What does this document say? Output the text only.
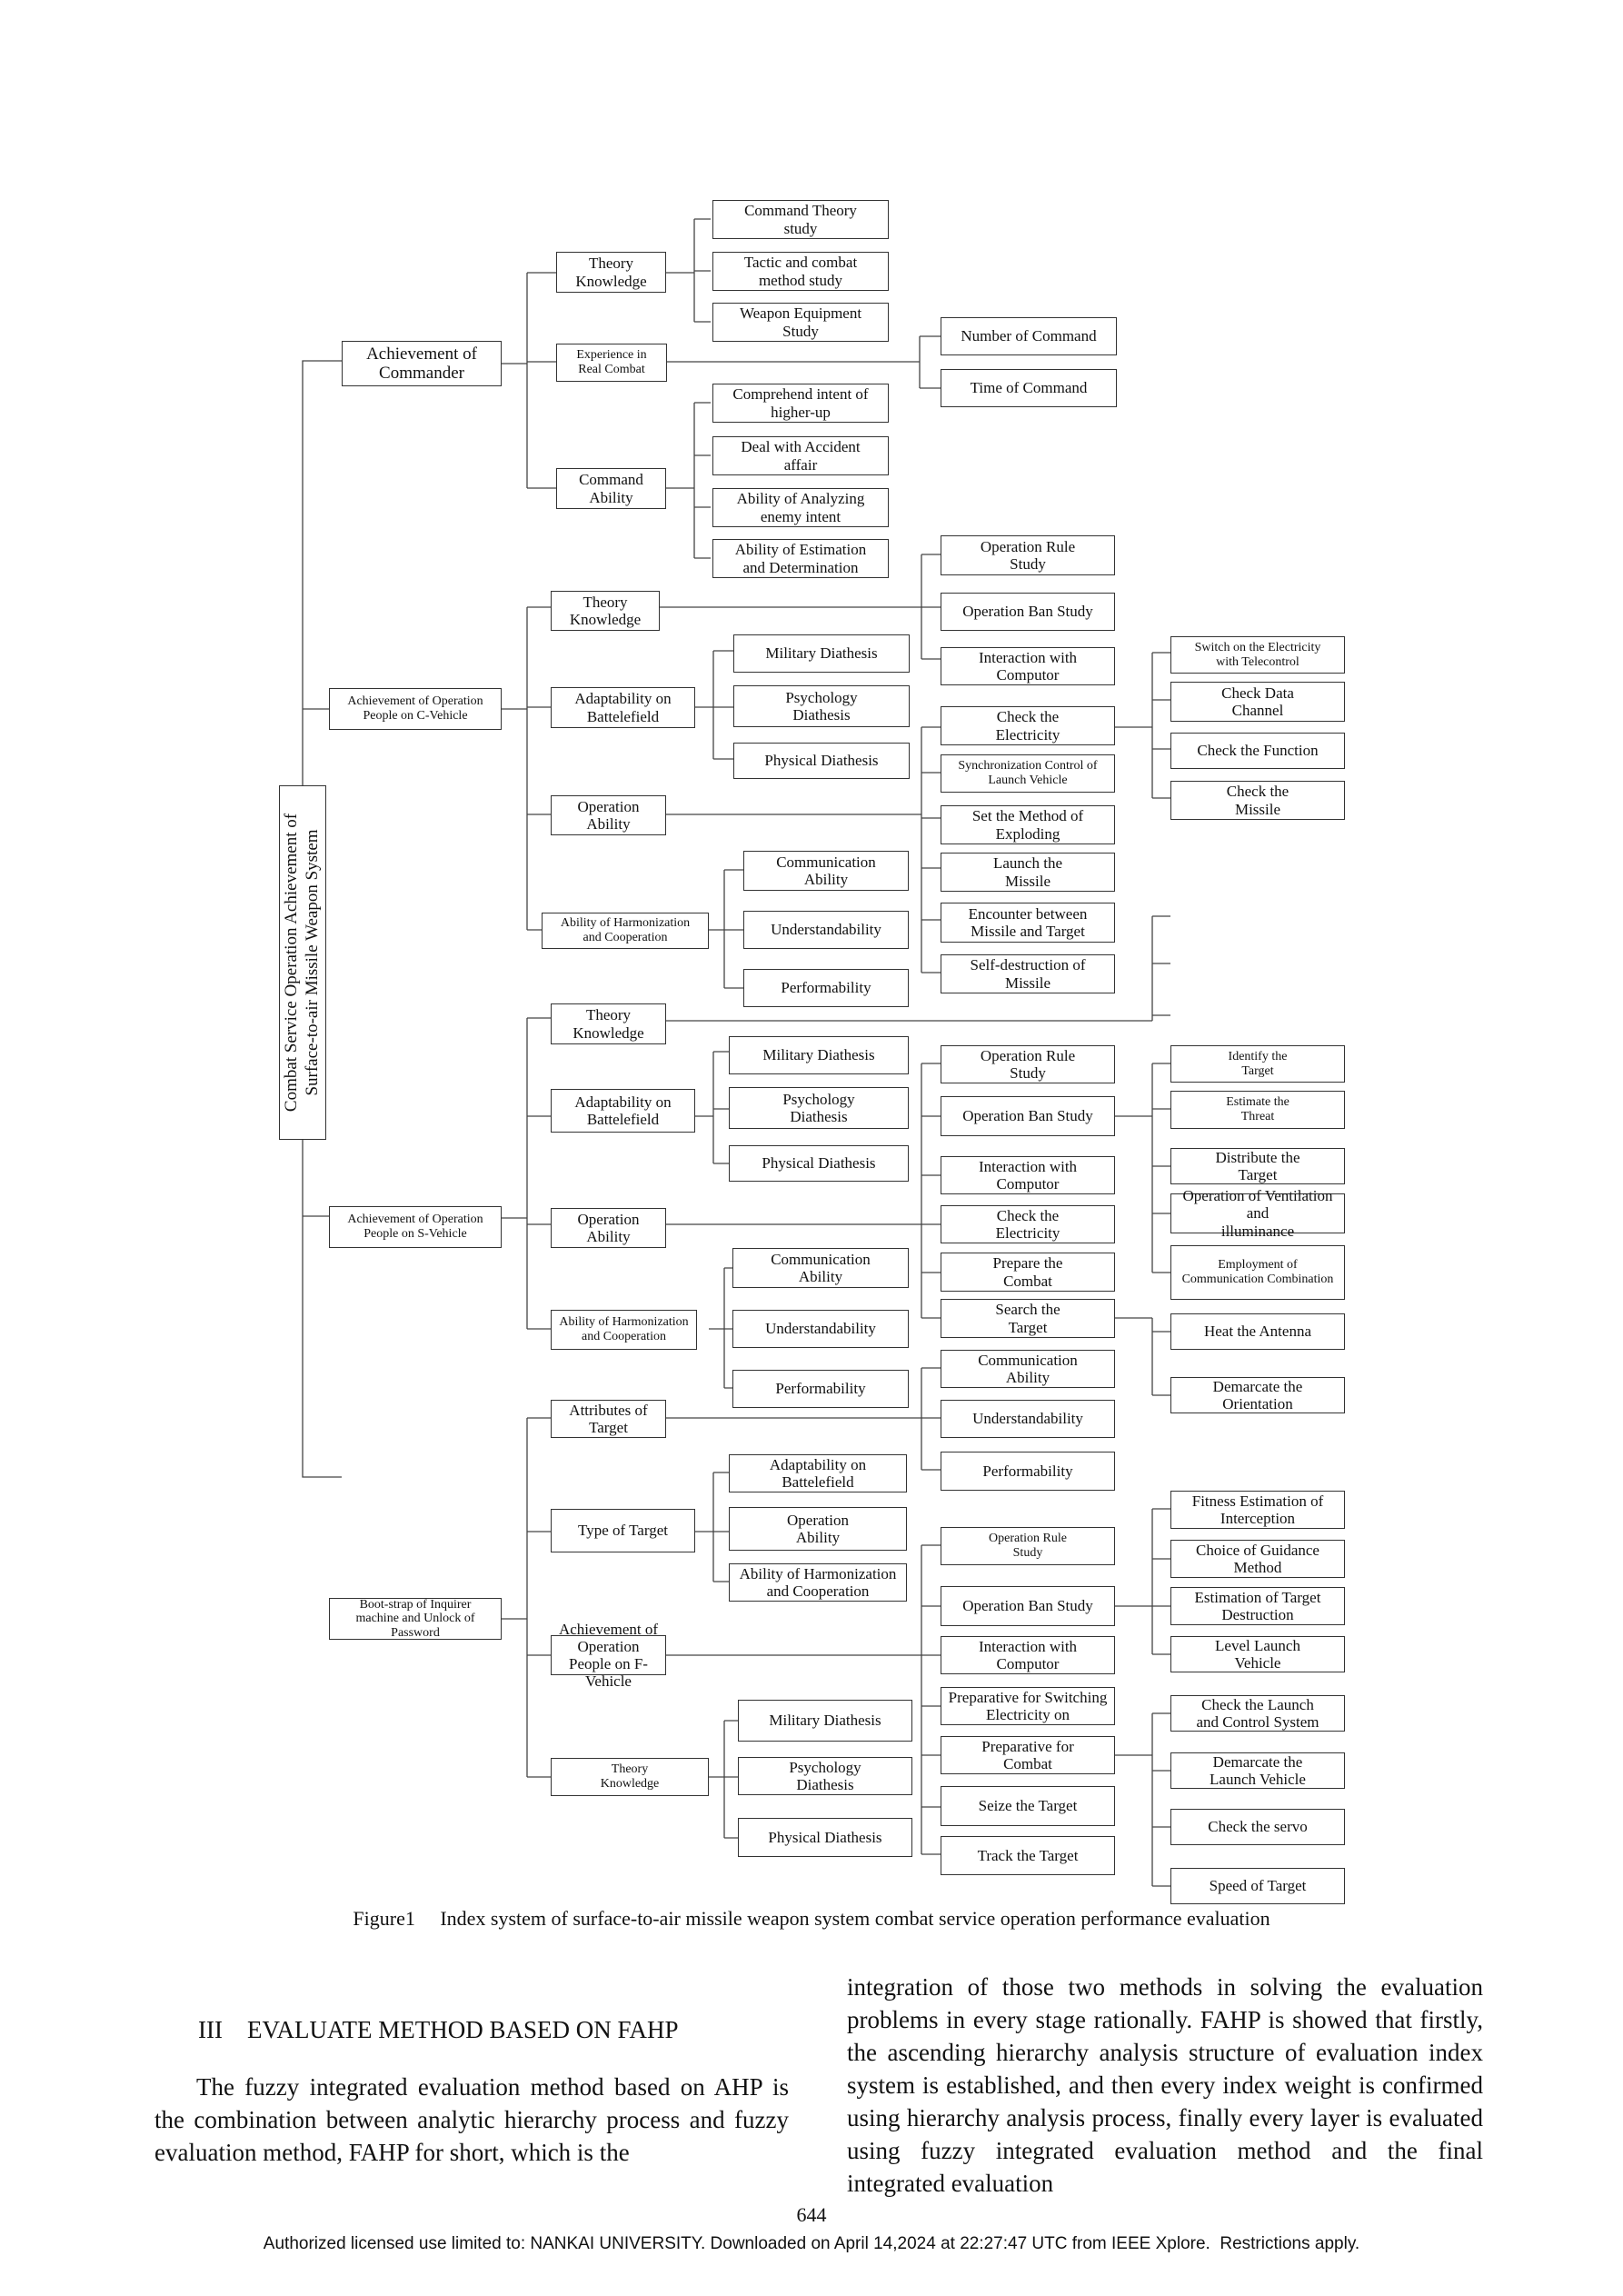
Combat Service Operation Achievement of
Surface-to-air Missile Weapon System
Command Theory
study
Tactic and combat
method study
Weapon Equipment
Study	Number of Command
Time of Command
Comprehend intent of
higher-up
Deal with Accident
affair
Ability of Analyzing
enemy intent
Ability of Estimation
and Determination
Achievement of
Commander
Theory
Knowledge
Experience in
Real Combat
Command
Ability
Achievement of Operation
People on C-Vehicle
Theory
Knowledge
Adaptability on
Battelefield
Operation
Ability
Ability of Harmonization
and Cooperation
Military Diathesis
Psychology
Diathesis
Physical Diathesis
Communication
Ability
Understandability
Performability
Operation Rule
Study
Operation Ban Study
Interaction with
Computor
Check the
Electricity
Synchronization Control of
Launch Vehicle
Set the Method of
Exploding
Launch the
Missile
Encounter between
Missile and Target
Self-destruction of
Missile
Switch on the Electricity
with Telecontrol
Check Data
Channel
Check the Function
Check the
Missile
Achievement of Operation
People on S-Vehicle
Theory
Knowledge
Adaptability on
Battelefield
Operation
Ability
Ability of Harmonization
and Cooperation
Military Diathesis
Psychology
Diathesis
Physical Diathesis
Communication
Ability
Understandability
Performability
Operation Rule
Study
Operation Ban Study
Interaction with
Computor
Check the
Electricity
Prepare the
Combat
Search the
Target
Identify the
Target
Estimate the
Threat
Distribute the
Target
Operation of Ventilation and
illuminance
Employment of
Communication Combination
Heat the Antenna
Demarcate the
Orientation
Boot-strap of Inquirer
machine and Unlock of
Password
Attributes of Target
Type of Target
Achievement of Operation
People on F-Vehicle
Theory
Knowledge
Adaptability on
Battelefield
Operation
Ability
Ability of Harmonization
and Cooperation
Military Diathesis
Psychology
Diathesis
Physical Diathesis
Communication
Ability
Understandability
Performability
Operation Rule
Study
Operation Ban Study
Interaction with
Computor
Preparative for Switching
Electricity on
Preparative for
Combat
Seize the Target
Track the Target
Fitness Estimation of
Interception
Choice of Guidance
Method
Estimation of Target
Destruction
Level Launch
Vehicle
Check the Launch
and Control System
Demarcate the
Launch Vehicle
Check the servo
Speed of Target
Figure1     Index system of surface-to-air missile weapon system combat service operation performance evaluation
III    EVALUATE METHOD BASED ON FAHP

The fuzzy integrated evaluation method based on AHP is the combination between analytic hierarchy process and fuzzy evaluation method, FAHP for short, which is the

integration of those two methods in solving the evaluation problems in every stage rationally. FAHP is showed that firstly, the ascending hierarchy analysis structure of evaluation index system is established, and then every index weight is confirmed using hierarchy analysis process, finally every layer is evaluated using fuzzy integrated evaluation method and the final integrated evaluation

644
Authorized licensed use limited to: NANKAI UNIVERSITY. Downloaded on April 14,2024 at 22:27:47 UTC from IEEE Xplore.  Restrictions apply.
